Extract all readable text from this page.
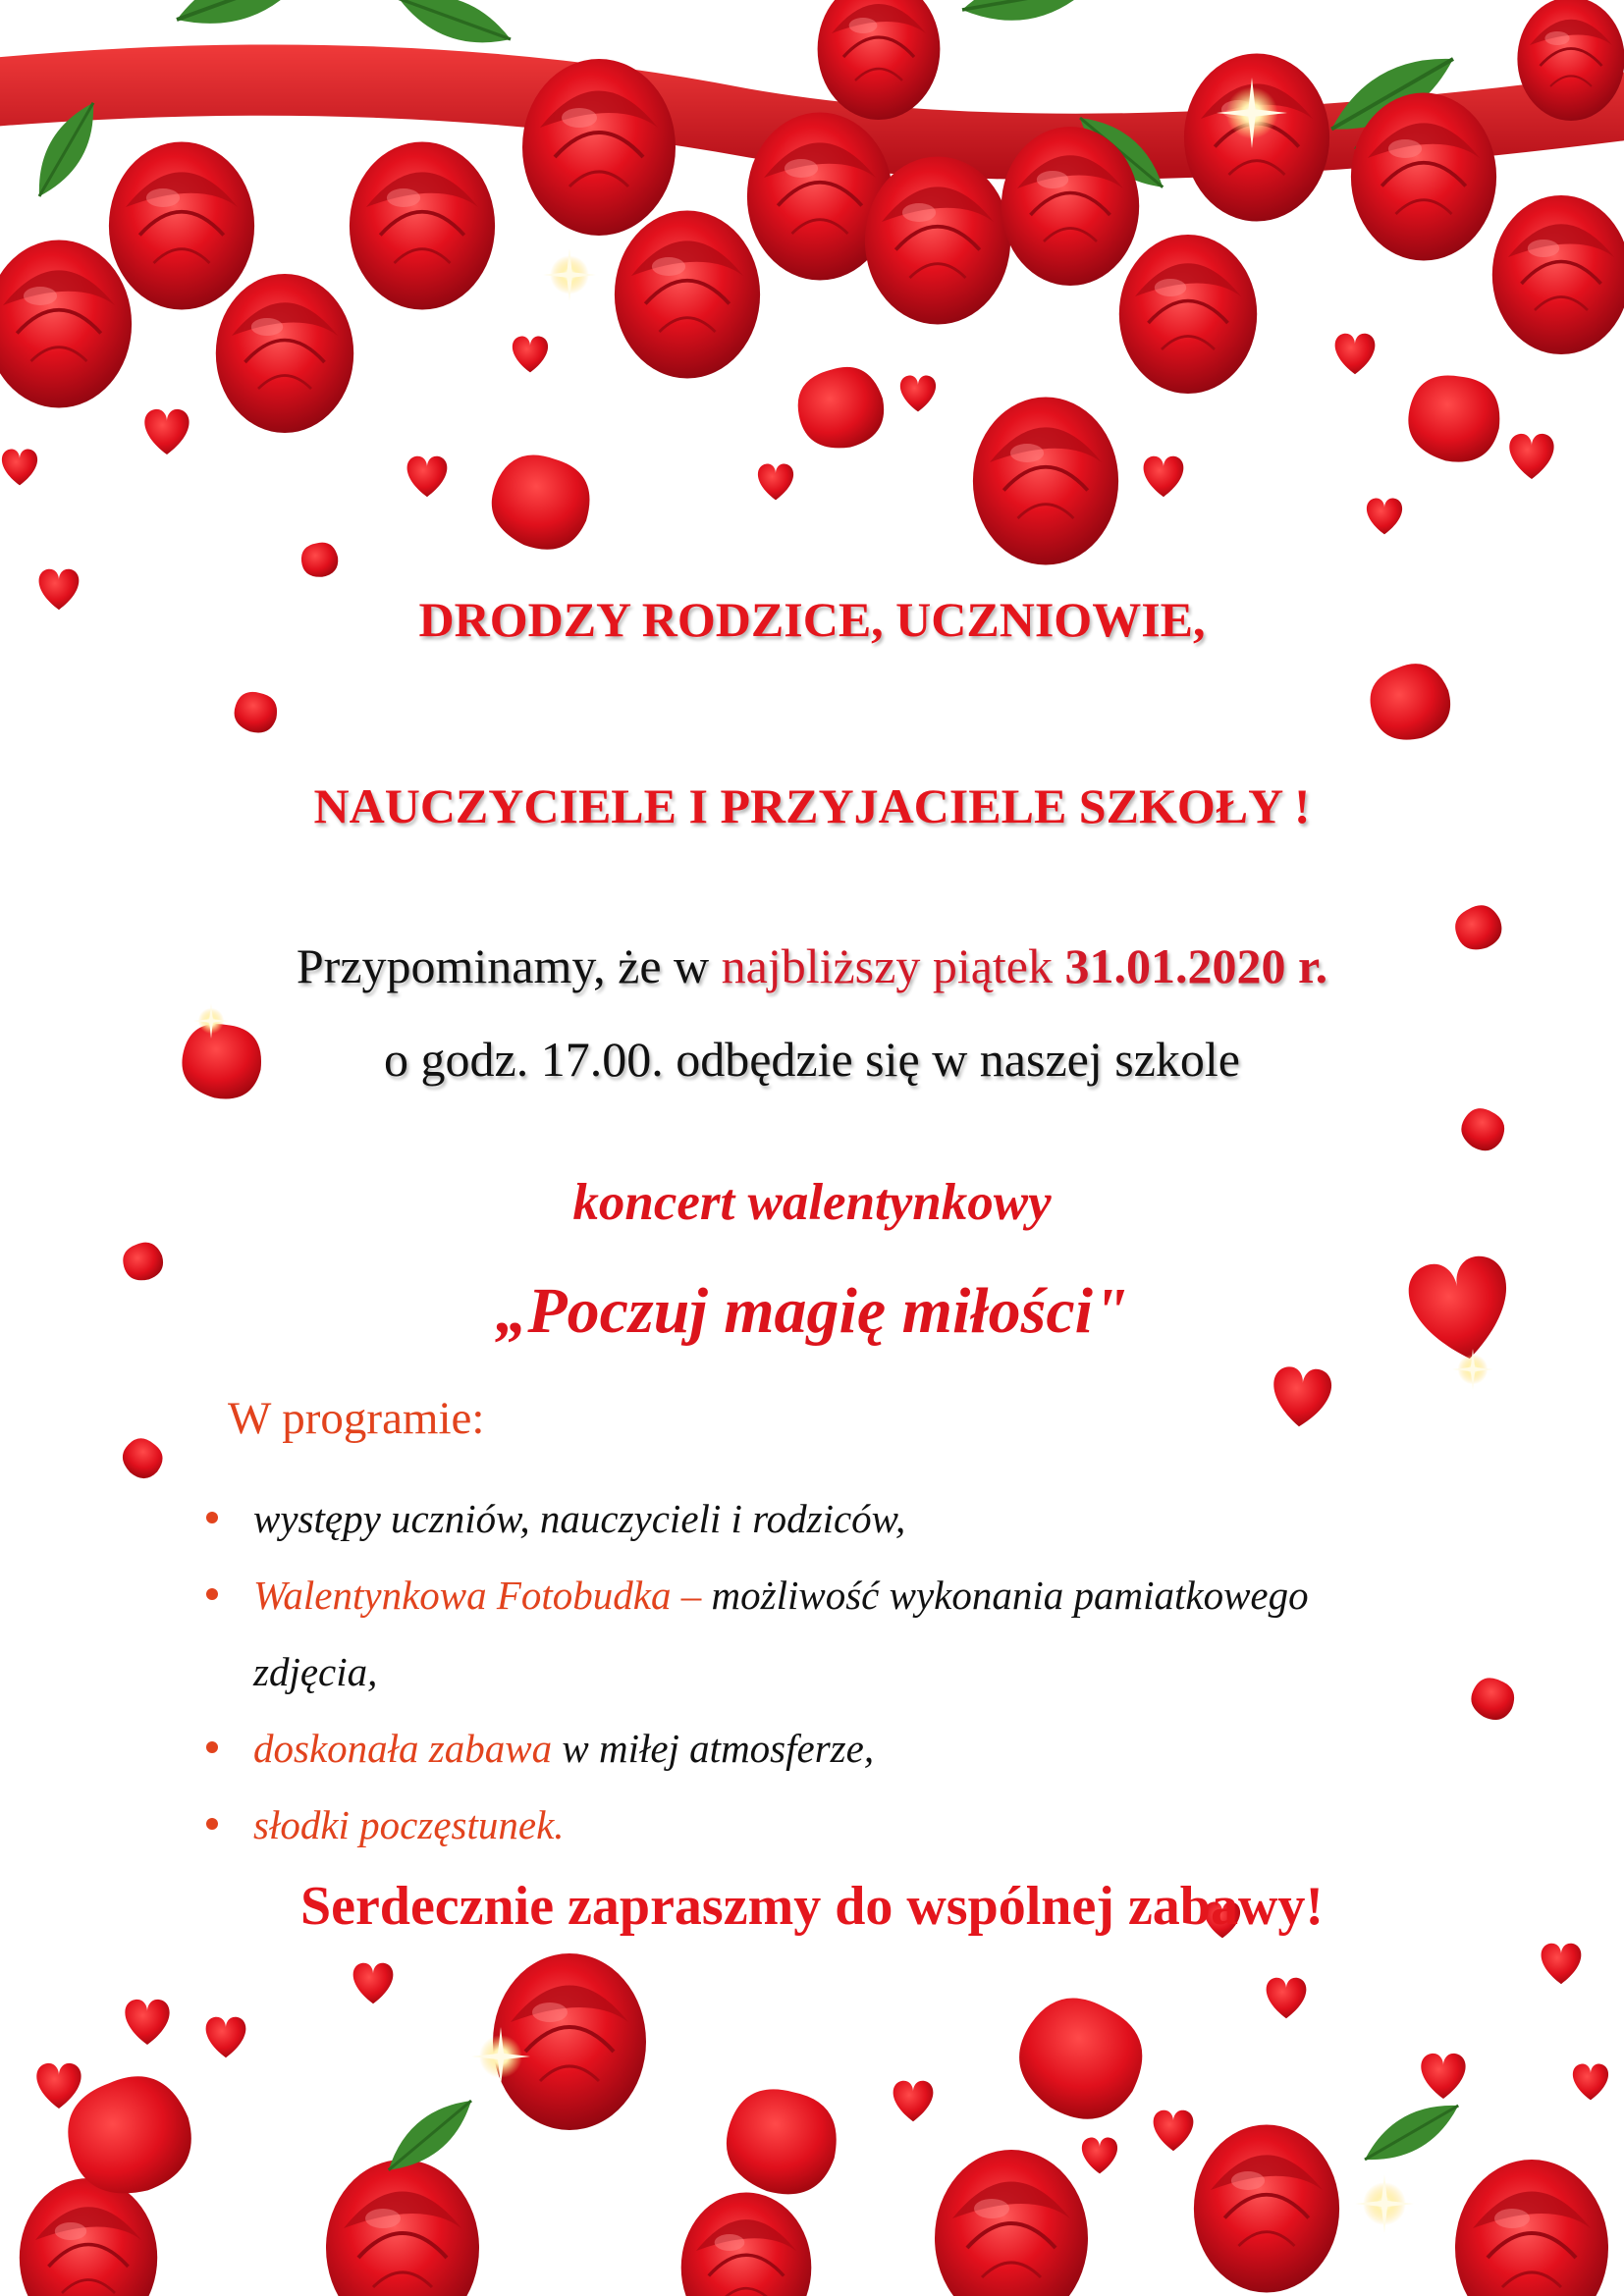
DRODZY RODZICE, UCZNIOWIE,
NAUCZYCIELE I PRZYJACIELE SZKOŁY !
Przypominamy, że w najbliższy piątek 31.01.2020 r.
o godz. 17.00. odbędzie się w naszej szkole
koncert walentynkowy
„Poczuj magię miłości"
W programie:
występy uczniów, nauczycieli i rodziców,
Walentynkowa Fotobudka – możliwość wykonania pamiatkowego zdjęcia,
doskonała zabawa w miłej atmosferze,
słodki poczęstunek.
Serdecznie zapraszmy do wspólnej zabawy!
